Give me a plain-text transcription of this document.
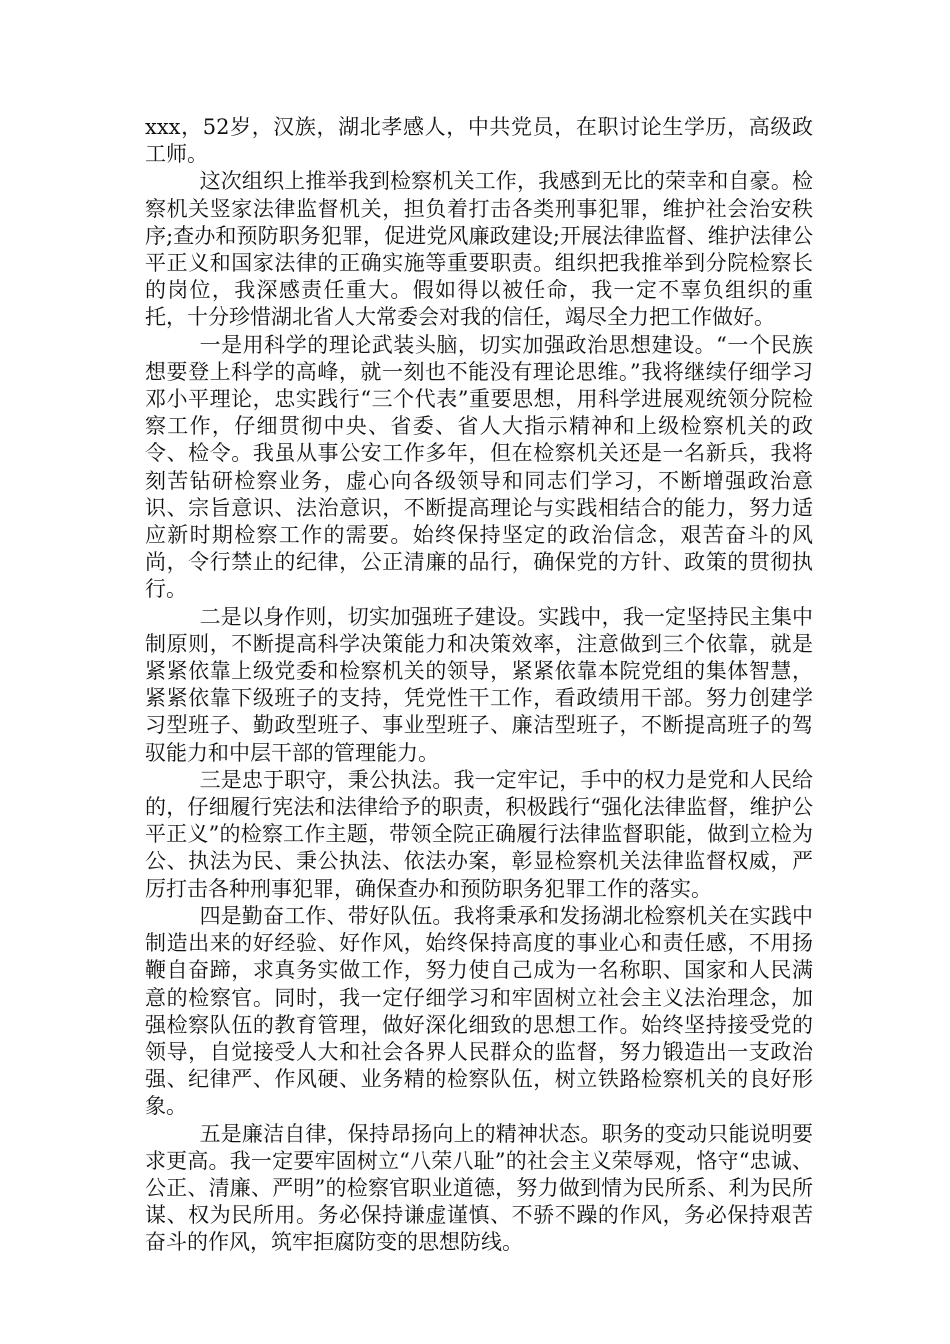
xxx，52岁，汉族，湖北孝感人，中共党员，在职讨论生学历，高级政工师。

这次组织上推举我到检察机关工作，我感到无比的荣幸和自豪。检察机关竖家法律监督机关，担负着打击各类刑事犯罪，维护社会治安秩序;查办和预防职务犯罪，促进党风廉政建设;开展法律监督、维护法律公平正义和国家法律的正确实施等重要职责。组织把我推举到分院检察长的岗位，我深感责任重大。假如得以被任命，我一定不辜负组织的重托，十分珍惜湖北省人大常委会对我的信任，竭尽全力把工作做好。

一是用科学的理论武装头脑，切实加强政治思想建设。“一个民族想要登上科学的高峰，就一刻也不能没有理论思维。”我将继续仔细学习邓小平理论，忠实践行“三个代表”重要思想，用科学进展观统领分院检察工作，仔细贯彻中央、省委、省人大指示精神和上级检察机关的政令、检令。我虽从事公安工作多年，但在检察机关还是一名新兵，我将刻苦钻研检察业务，虚心向各级领导和同志们学习，不断增强政治意识、宗旨意识、法治意识，不断提高理论与实践相结合的能力，努力适应新时期检察工作的需要。始终保持坚定的政治信念，艰苦奋斗的风尚，令行禁止的纪律，公正清廉的品行，确保党的方针、政策的贯彻执行。

二是以身作则，切实加强班子建设。实践中，我一定坚持民主集中制原则，不断提高科学决策能力和决策效率，注意做到三个依靠，就是紧紧依靠上级党委和检察机关的领导，紧紧依靠本院党组的集体智慧，紧紧依靠下级班子的支持，凭党性干工作，看政绩用干部。努力创建学习型班子、勤政型班子、事业型班子、廉洁型班子，不断提高班子的驾驭能力和中层干部的管理能力。

三是忠于职守，秉公执法。我一定牢记，手中的权力是党和人民给的，仔细履行宪法和法律给予的职责，积极践行“强化法律监督，维护公平正义”的检察工作主题，带领全院正确履行法律监督职能，做到立检为公、执法为民、秉公执法、依法办案，彰显检察机关法律监督权威，严厉打击各种刑事犯罪，确保查办和预防职务犯罪工作的落实。

四是勤奋工作、带好队伍。我将秉承和发扬湖北检察机关在实践中制造出来的好经验、好作风，始终保持高度的事业心和责任感，不用扬鞭自奋蹄，求真务实做工作，努力使自己成为一名称职、国家和人民满意的检察官。同时，我一定仔细学习和牢固树立社会主义法治理念，加强检察队伍的教育管理，做好深化细致的思想工作。始终坚持接受党的领导，自觉接受人大和社会各界人民群众的监督，努力锻造出一支政治强、纪律严、作风硬、业务精的检察队伍，树立铁路检察机关的良好形象。

五是廉洁自律，保持昂扬向上的精神状态。职务的变动只能说明要求更高。我一定要牢固树立“八荣八耻”的社会主义荣辱观，恪守“忠诚、公正、清廉、严明”的检察官职业道德，努力做到情为民所系、利为民所谋、权为民所用。务必保持谦虚谨慎、不骄不躁的作风，务必保持艰苦奋斗的作风，筑牢拒腐防变的思想防线。
